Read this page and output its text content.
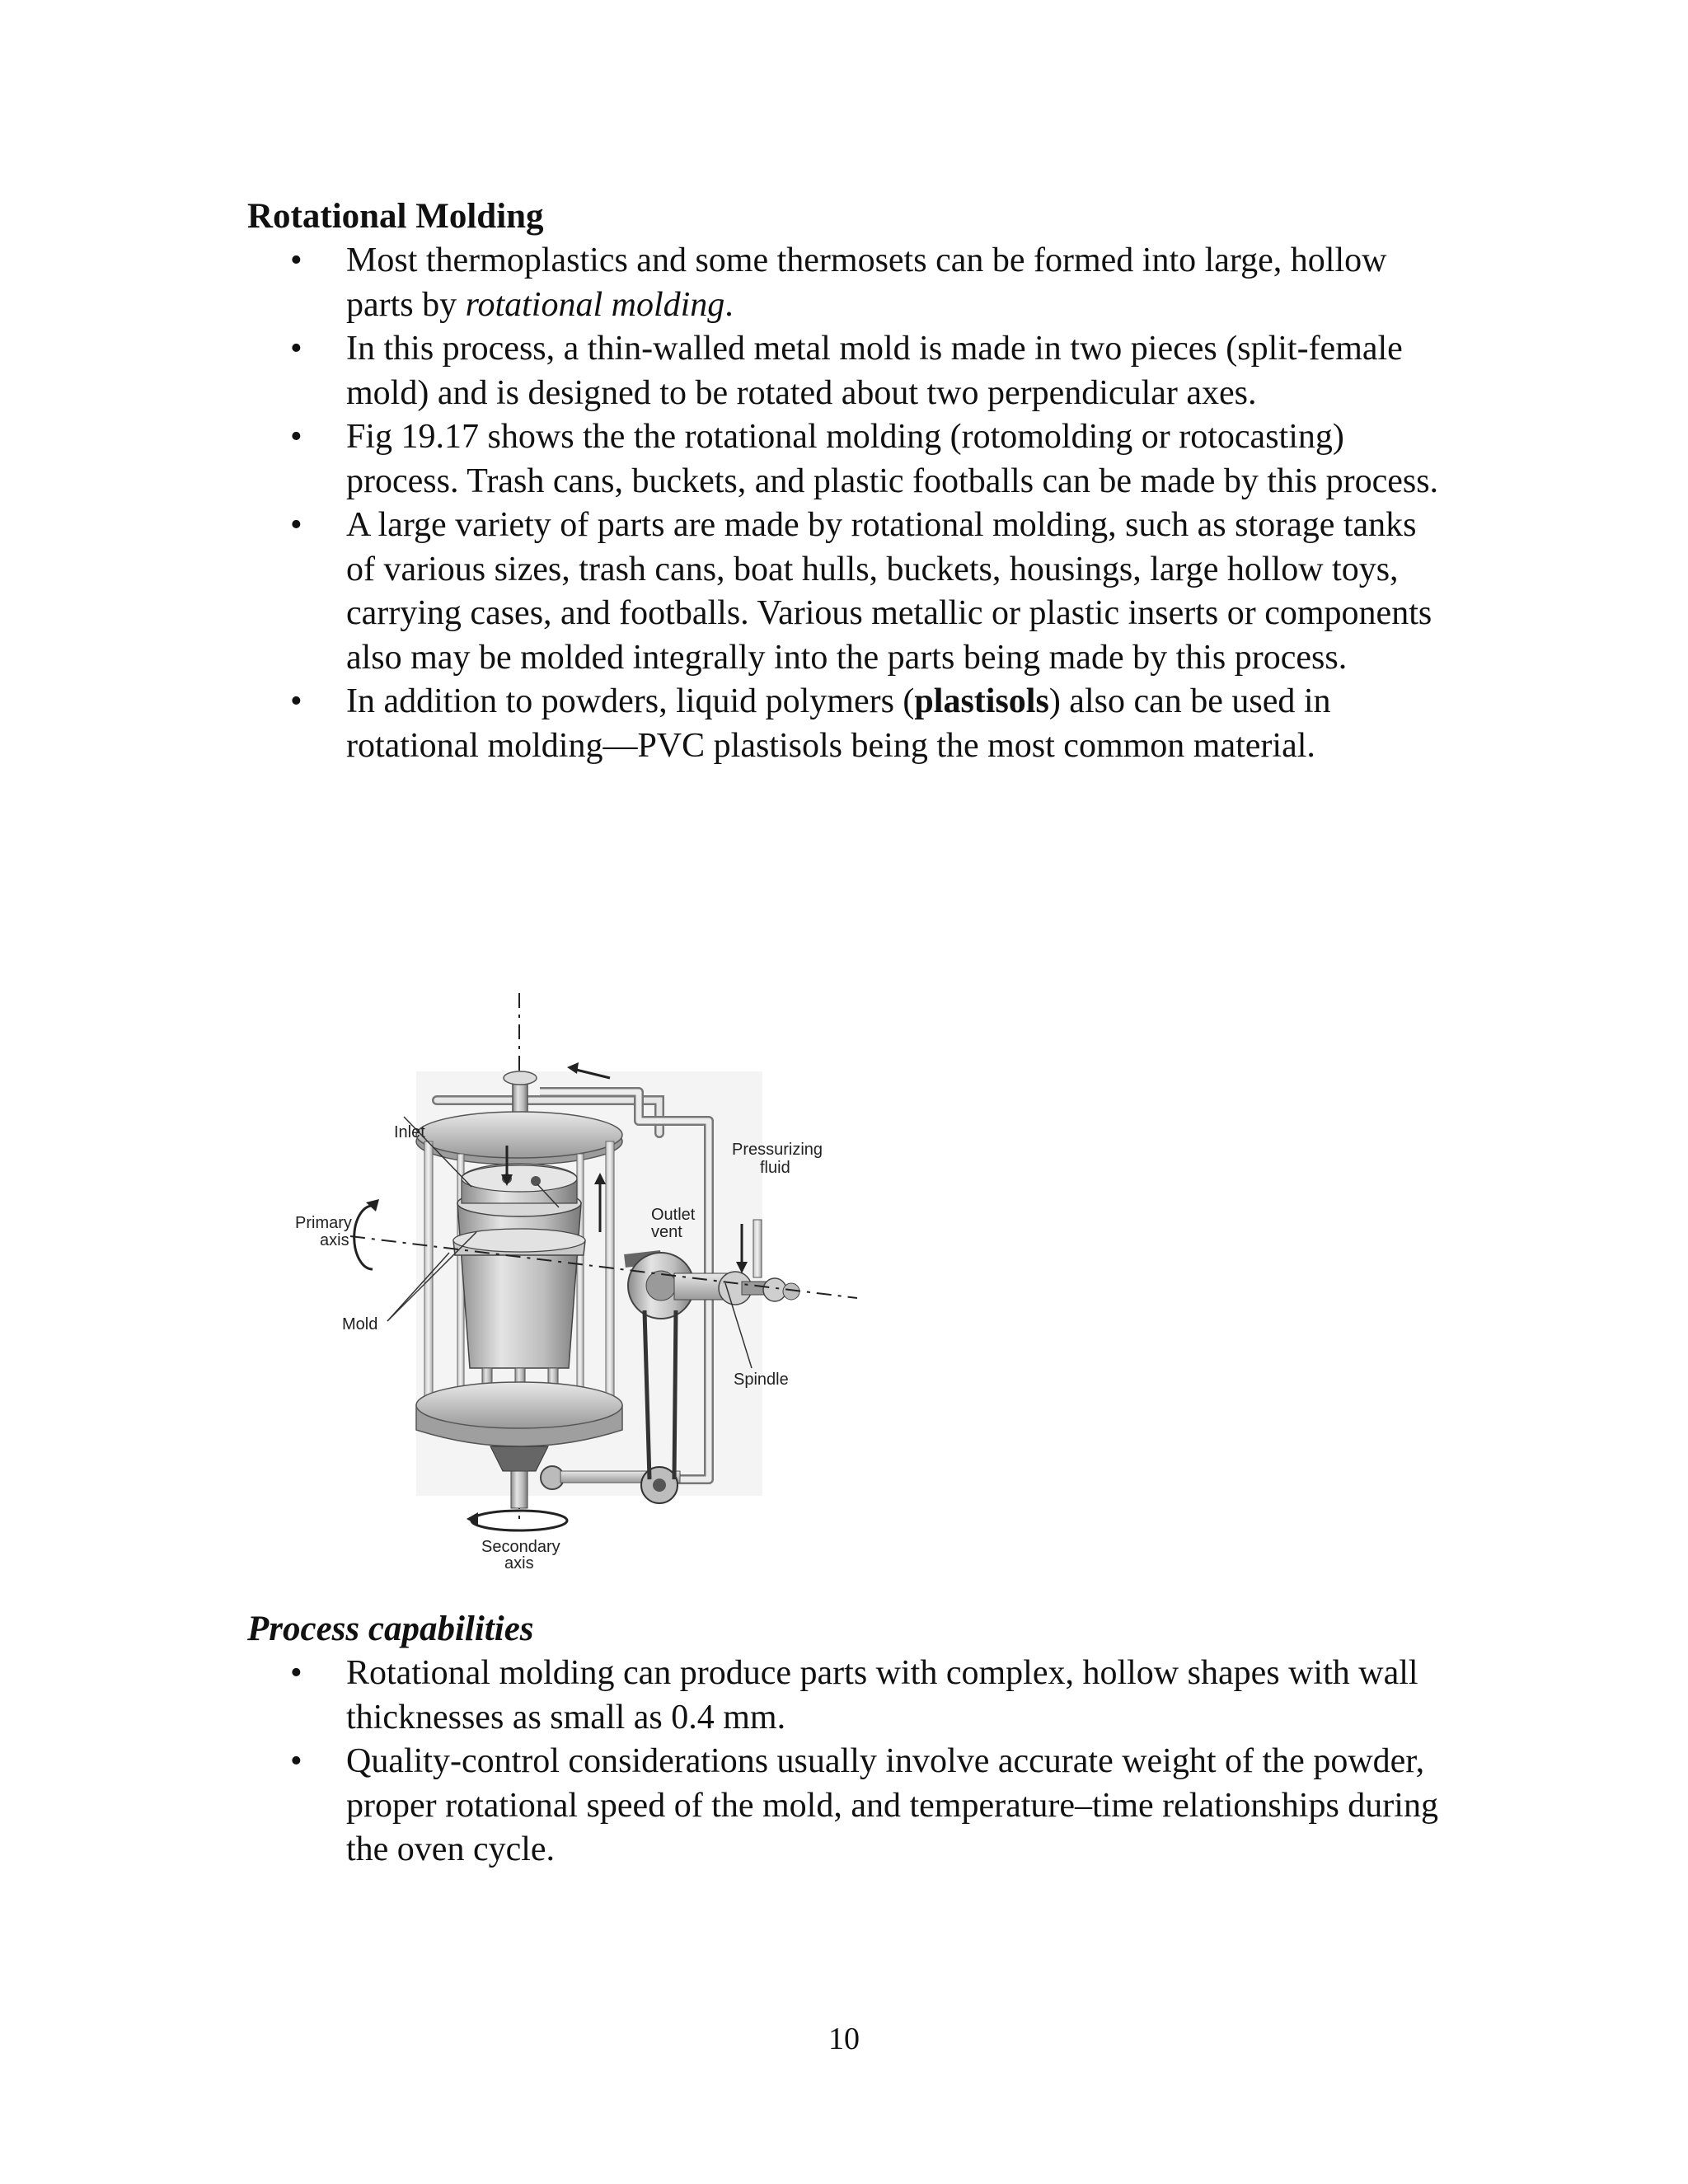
Rotational Molding
• Most thermoplastics and some thermosets can be formed into large, hollow parts by rotational molding.
• In this process, a thin-walled metal mold is made in two pieces (split-female mold) and is designed to be rotated about two perpendicular axes.
• Fig 19.17 shows the the rotational molding (rotomolding or rotocasting) process. Trash cans, buckets, and plastic footballs can be made by this process.
• A large variety of parts are made by rotational molding, such as storage tanks of various sizes, trash cans, boat hulls, buckets, housings, large hollow toys, carrying cases, and footballs. Various metallic or plastic inserts or components also may be molded integrally into the parts being made by this process.
• In addition to powders, liquid polymers (plastisols) also can be used in rotational molding—PVC plastisols being the most common material.
Inlet
Pressurizing
fluid
Primary
axis
Outlet
vent
Mold
Spindle
Secondary
axis
Process capabilities
• Rotational molding can produce parts with complex, hollow shapes with wall thicknesses as small as 0.4 mm.
• Quality-control considerations usually involve accurate weight of the powder, proper rotational speed of the mold, and temperature–time relationships during the oven cycle.
10
